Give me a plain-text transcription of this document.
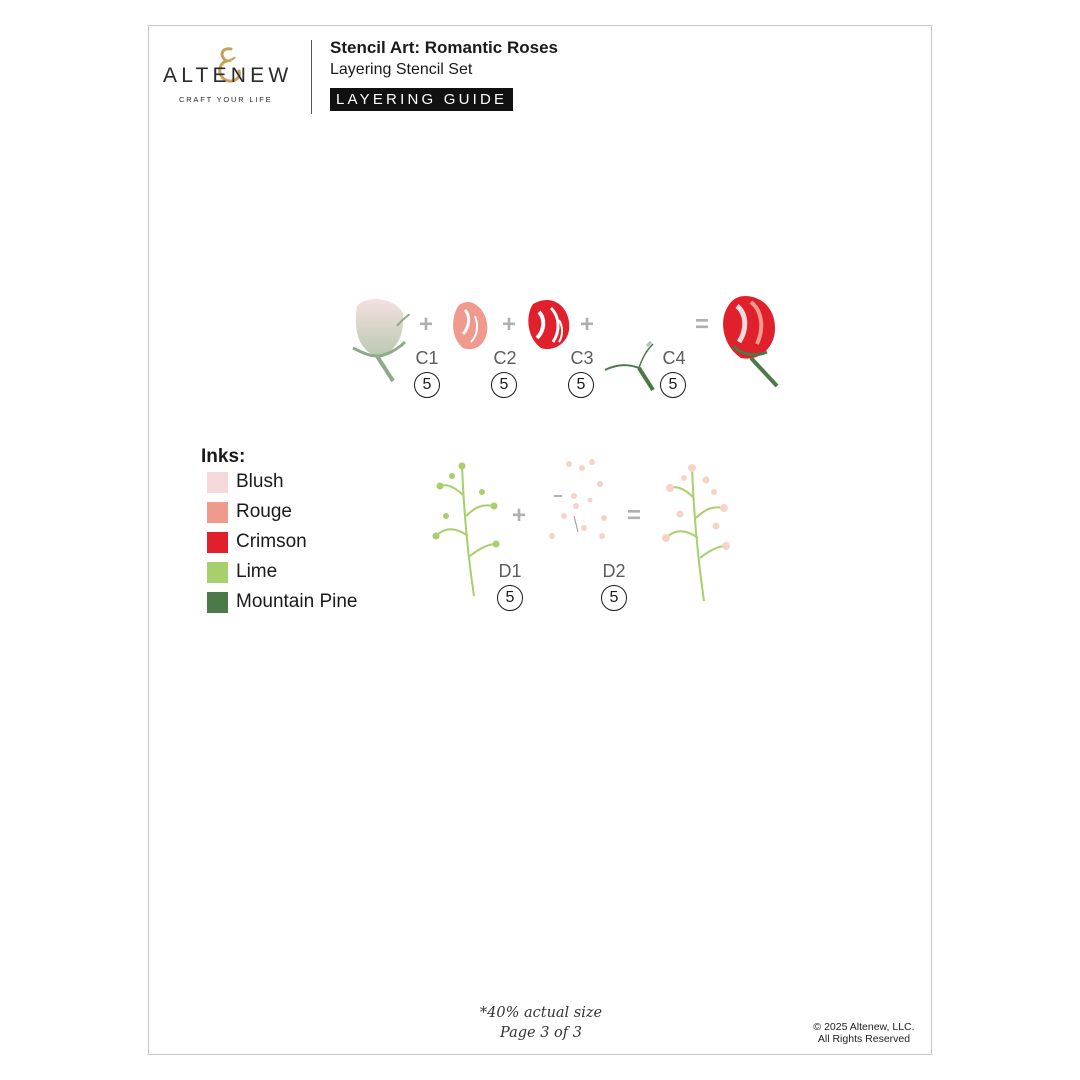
ALTENEW
CRAFT YOUR LIFE
Stencil Art: Romantic Roses
Layering Stencil Set
LAYERING GUIDE
+	+	+	=
C1	C2	C3	C4
5	5	5	5
+	=
D1	D2
5	5
Inks:
Blush
Rouge
Crimson
Lime
Mountain Pine
*40% actual size
Page 3 of 3	© 2025 Altenew, LLC.
All Rights Reserved
